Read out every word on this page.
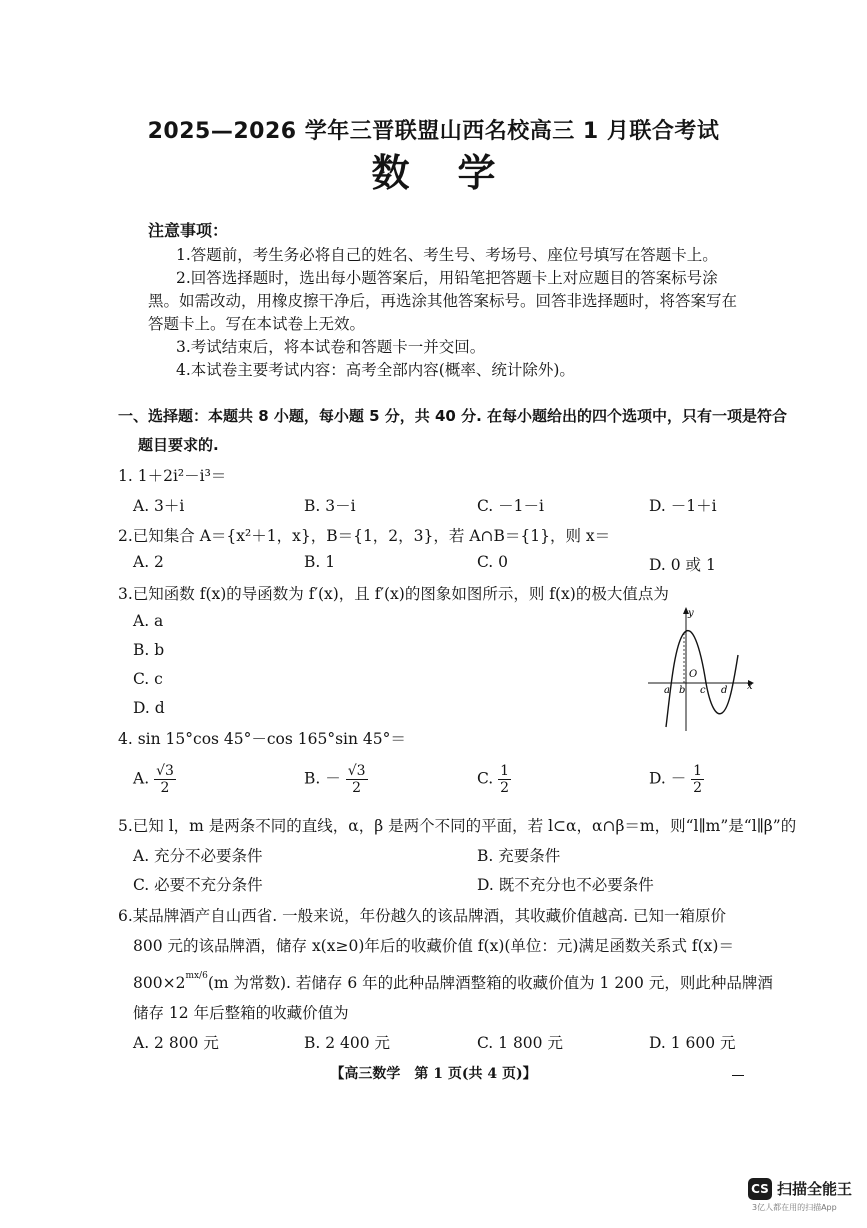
2025—2026 学年三晋联盟山西名校高三 1 月联合考试
数学
注意事项：
1.答题前，考生务必将自己的姓名、考生号、考场号、座位号填写在答题卡上。
2.回答选择题时，选出每小题答案后，用铅笔把答题卡上对应题目的答案标号涂
黑。如需改动，用橡皮擦干净后，再选涂其他答案标号。回答非选择题时，将答案写在
答题卡上。写在本试卷上无效。
3.考试结束后，将本试卷和答题卡一并交回。
4.本试卷主要考试内容：高考全部内容(概率、统计除外)。
一、选择题：本题共 8 小题，每小题 5 分，共 40 分. 在每小题给出的四个选项中，只有一项是符合
题目要求的.
1. 1＋2i²－i³＝
A. 3＋i	B. 3－i	C. －1－i	D. －1＋i
2.已知集合 A＝{x²＋1，x}，B＝{1，2，3}，若 A∩B＝{1}，则 x＝
A. 2	B. 1	C. 0	D. 0 或 1
3.已知函数 f(x)的导函数为 f′(x)，且 f′(x)的图象如图所示，则 f(x)的极大值点为
A. a
B. b
C. c
D. d
y
x
O
a b c d
4. sin 15°cos 45°－cos 165°sin 45°＝
A. $\frac{√3}{2}$	B. － $\frac{√3}{2}$	C. $\frac{1}{2}$	D. － $\frac{1}{2}$
5.已知 l，m 是两条不同的直线，α，β 是两个不同的平面，若 l⊂α，α∩β＝m，则“l∥m”是“l∥β”的
A. 充分不必要条件	B. 充要条件
C. 必要不充分条件	D. 既不充分也不必要条件
6.某品牌酒产自山西省. 一般来说，年份越久的该品牌酒，其收藏价值越高. 已知一箱原价
800 元的该品牌酒，储存 x(x≥0)年后的收藏价值 f(x)(单位：元)满足函数关系式 f(x)＝
$800\times 2^{mx/6}(m$ 为常数). 若储存 6 年的此种品牌酒整箱的收藏价值为 1 200 元，则此种品牌酒
储存 12 年后整箱的收藏价值为
A. 2 800 元	B. 2 400 元	C. 1 800 元	D. 1 600 元
【高三数学　第 1 页(共 4 页)】
CS 扫描全能王
3亿人都在用的扫描App
